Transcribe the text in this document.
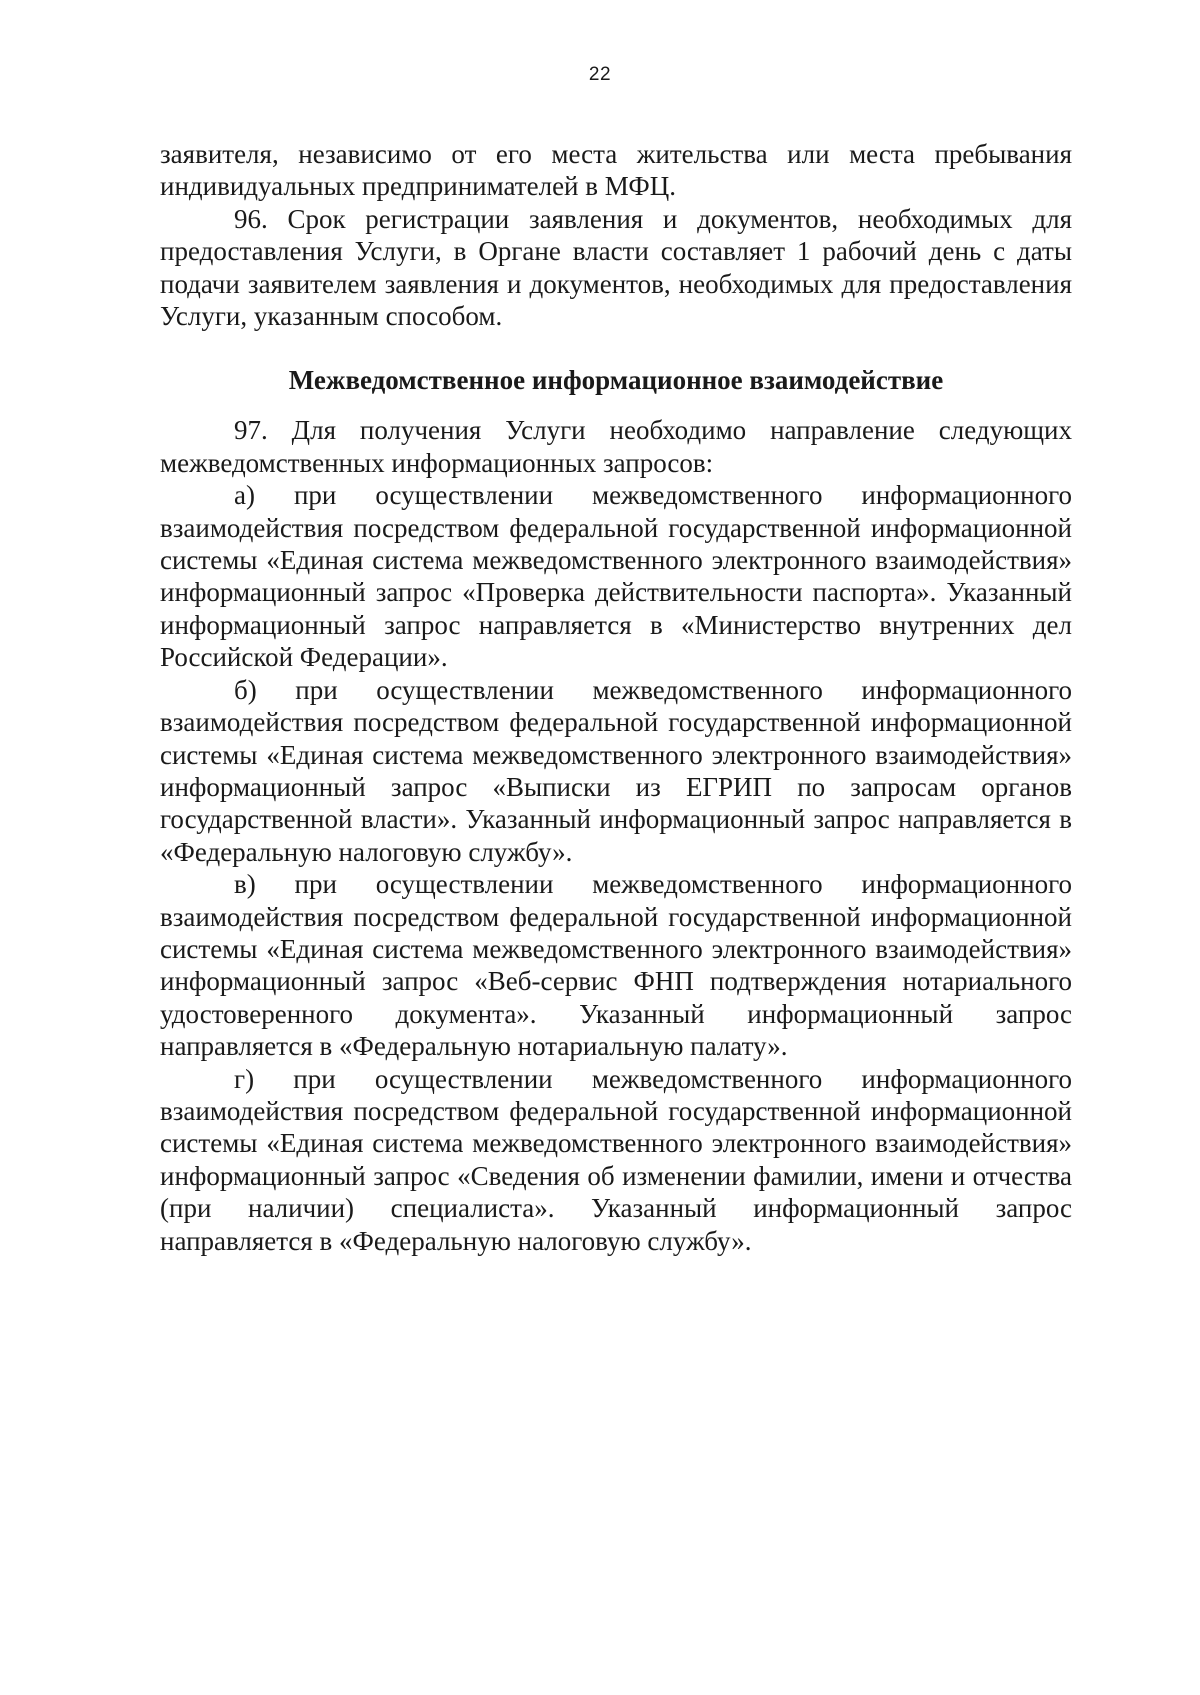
22

заявителя, независимо от его места жительства или места пребывания индивидуальных предпринимателей в МФЦ.

96. Срок регистрации заявления и документов, необходимых для предоставления Услуги, в Органе власти составляет 1 рабочий день с даты подачи заявителем заявления и документов, необходимых для предоставления Услуги, указанным способом.

Межведомственное информационное взаимодействие

97. Для получения Услуги необходимо направление следующих межведомственных информационных запросов:

а) при осуществлении межведомственного информационного взаимодействия посредством федеральной государственной информационной системы «Единая система межведомственного электронного взаимодействия» информационный запрос «Проверка действительности паспорта». Указанный информационный запрос направляется в «Министерство внутренних дел Российской Федерации».

б) при осуществлении межведомственного информационного взаимодействия посредством федеральной государственной информационной системы «Единая система межведомственного электронного взаимодействия» информационный запрос «Выписки из ЕГРИП по запросам органов государственной власти». Указанный информационный запрос направляется в «Федеральную налоговую службу».

в) при осуществлении межведомственного информационного взаимодействия посредством федеральной государственной информационной системы «Единая система межведомственного электронного взаимодействия» информационный запрос «Веб-сервис ФНП подтверждения нотариального удостоверенного документа». Указанный информационный запрос направляется в «Федеральную нотариальную палату».

г) при осуществлении межведомственного информационного взаимодействия посредством федеральной государственной информационной системы «Единая система межведомственного электронного взаимодействия» информационный запрос «Сведения об изменении фамилии, имени и отчества (при наличии) специалиста». Указанный информационный запрос направляется в «Федеральную налоговую службу».
